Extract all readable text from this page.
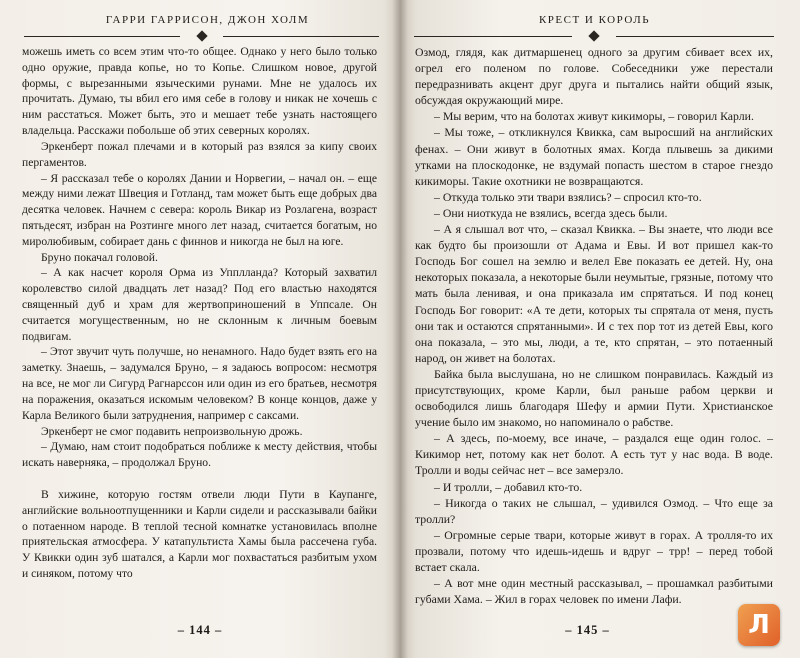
ГАРРИ ГАРРИСОН, ДЖОН ХОЛМ

можешь иметь со всем этим что-то общее. Однако у него было только одно оружие, правда копье, но то Копье. Слишком новое, другой формы, с вырезанными языческими рунами. Мне не удалось их прочитать. Думаю, ты вбил его имя себе в голову и никак не хочешь с ним расстаться. Может быть, это и мешает тебе узнать настоящего владельца. Расскажи побольше об этих северных королях.

Эркенберт пожал плечами и в который раз взялся за кипу своих пергаментов.

– Я рассказал тебе о королях Дании и Норвегии, – начал он. – еще между ними лежат Швеция и Готланд, там может быть еще добрых два десятка человек. Начнем с севера: король Викар из Розлагена, возраст пятьдесят, избран на Розтинге много лет назад, считается богатым, но миролюбивым, собирает дань с финнов и никогда не был на юге.

Бруно покачал головой.

– А как насчет короля Орма из Упплланда? Который захватил королевство силой двадцать лет назад? Под его властью находятся священный дуб и храм для жертвоприношений в Уппсале. Он считается могущественным, но не склонным к личным боевым подвигам.

– Этот звучит чуть получше, но ненамного. Надо будет взять его на заметку. Знаешь, – задумался Бруно, – я задаюсь вопросом: несмотря на все, не мог ли Сигурд Рагнарссон или один из его братьев, несмотря на поражения, оказаться искомым человеком? В конце концов, даже у Карла Великого были затруднения, например с саксами.

Эркенберт не смог подавить непроизвольную дрожь.

– Думаю, нам стоит подобраться поближе к месту действия, чтобы искать наверняка, – продолжал Бруно.

В хижине, которую гостям отвели люди Пути в Каупанге, английские вольноотпущенники и Карли сидели и рассказывали байки о потаенном народе. В теплой тесной комнатке установилась вполне приятельская атмосфера. У катапультиста Хамы была рассечена губа. У Квикки один зуб шатался, а Карли мог похвастаться разбитым ухом и синяком, потому что

– 144 –
КРЕСТ И КОРОЛЬ

Озмод, глядя, как дитмаршенец одного за другим сбивает всех их, огрел его поленом по голове. Собеседники уже перестали передразнивать акцент друг друга и пытались найти общий язык, обсуждая окружающий мире.

– Мы верим, что на болотах живут кикиморы, – говорил Карли.

– Мы тоже, – откликнулся Квикка, сам выросший на английских фенах. – Они живут в болотных ямах. Когда плывешь за дикими утками на плоскодонке, не вздумай попасть шестом в старое гнездо кикиморы. Такие охотники не возвращаются.

– Откуда только эти твари взялись? – спросил кто-то.

– Они ниоткуда не взялись, всегда здесь были.

– А я слышал вот что, – сказал Квикка. – Вы знаете, что люди все как будто бы произошли от Адама и Евы. И вот пришел как-то Господь Бог сошел на землю и велел Еве показать ее детей. Ну, она некоторых показала, а некоторые были неумытые, грязные, потому что мать была ленивая, и она приказала им спрятаться. И под конец Господь Бог говорит: «А те дети, которых ты спрятала от меня, пусть они так и остаются спрятанными». И с тех пор тот из детей Евы, кого она показала, – это мы, люди, а те, кто спрятан, – это потаенный народ, он живет на болотах.

Байка была выслушана, но не слишком понравилась. Каждый из присутствующих, кроме Карли, был раньше рабом церкви и освободился лишь благодаря Шефу и армии Пути. Христианское учение было им знакомо, но напоминало о рабстве.

– А здесь, по-моему, все иначе, – раздался еще один голос. – Кикимор нет, потому как нет болот. А есть тут у нас вода. В воде. Тролли и воды сейчас нет – все замерзло.

– И тролли, – добавил кто-то.

– Никогда о таких не слышал, – удивился Озмод. – Что еще за тролли?

– Огромные серые твари, которые живут в горах. А тролля-то их прозвали, потому что идешь-идешь и вдруг – трр! – перед тобой встает скала.

– А вот мне один местный рассказывал, – прошамкал разбитыми губами Хама. – Жил в горах человек по имени Лафи.

– 145 –	Л
